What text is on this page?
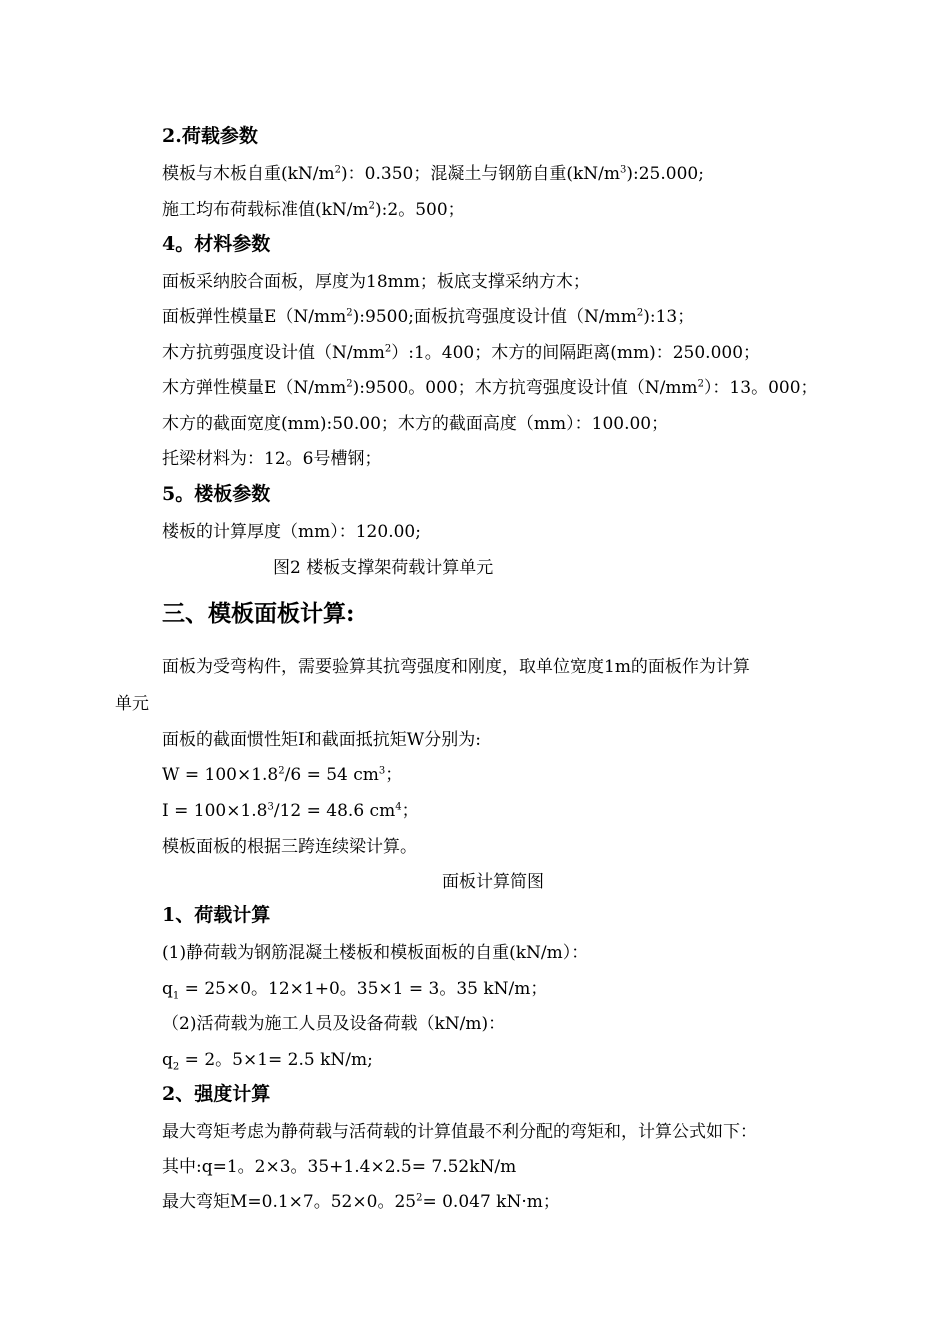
2.荷载参数
模板与木板自重$(kN/m^2)$：0.350；混凝土与钢筋自重$(kN/m^3):25.000$;
施工均布荷载标准值$(kN/m^2):2$。500；
4。材料参数
面板采纳胶合面板，厚度为18mm；板底支撑采纳方木；
面板弹性模量$E(N/mm^2):9500$;面板抗弯强度设计值$(N/mm^2):13$；
木方抗剪强度设计值$(N/mm^2):1$。400；木方的间隔距离(mm)：250.000；
木方弹性模量$E(N/mm^2):9500$。000；木方抗弯强度设计值$(N/mm^2)$：13。000；
木方的截面宽度(mm):50.00；木方的截面高度（mm）：100.00；
托梁材料为：12。6号槽钢；
5。楼板参数
楼板的计算厚度（mm）：120.00;
图2 楼板支撑架荷载计算单元
三、模板面板计算:
面板为受弯构件，需要验算其抗弯强度和刚度，取单位宽度1m的面板作为计算
单元
面板的截面惯性矩I和截面抵抗矩W分别为:
$W = 100\times 1.8^2/6 = 54$ $cm^3$；
$I = 100\times 1.8^3/12 = 48.6$ $cm^4$；
模板面板的根据三跨连续梁计算。
面板计算简图
1、荷载计算
(1)静荷载为钢筋混凝土楼板和模板面板的自重(kN/m）：
$q_1 = 25\times 0$。12×1+0。35×1 = 3。35 kN/m；
（2)活荷载为施工人员及设备荷载（kN/m)：
$q_2 = 2$。5×1= 2.5 kN/m;
2、强度计算
最大弯矩考虑为静荷载与活荷载的计算值最不利分配的弯矩和，计算公式如下：
其中:q=1。2×3。35+1.4×2.5= 7.52kN/m
最大弯矩M=0.1×7。52×0。$25^2= 0.047$ kN·m；
